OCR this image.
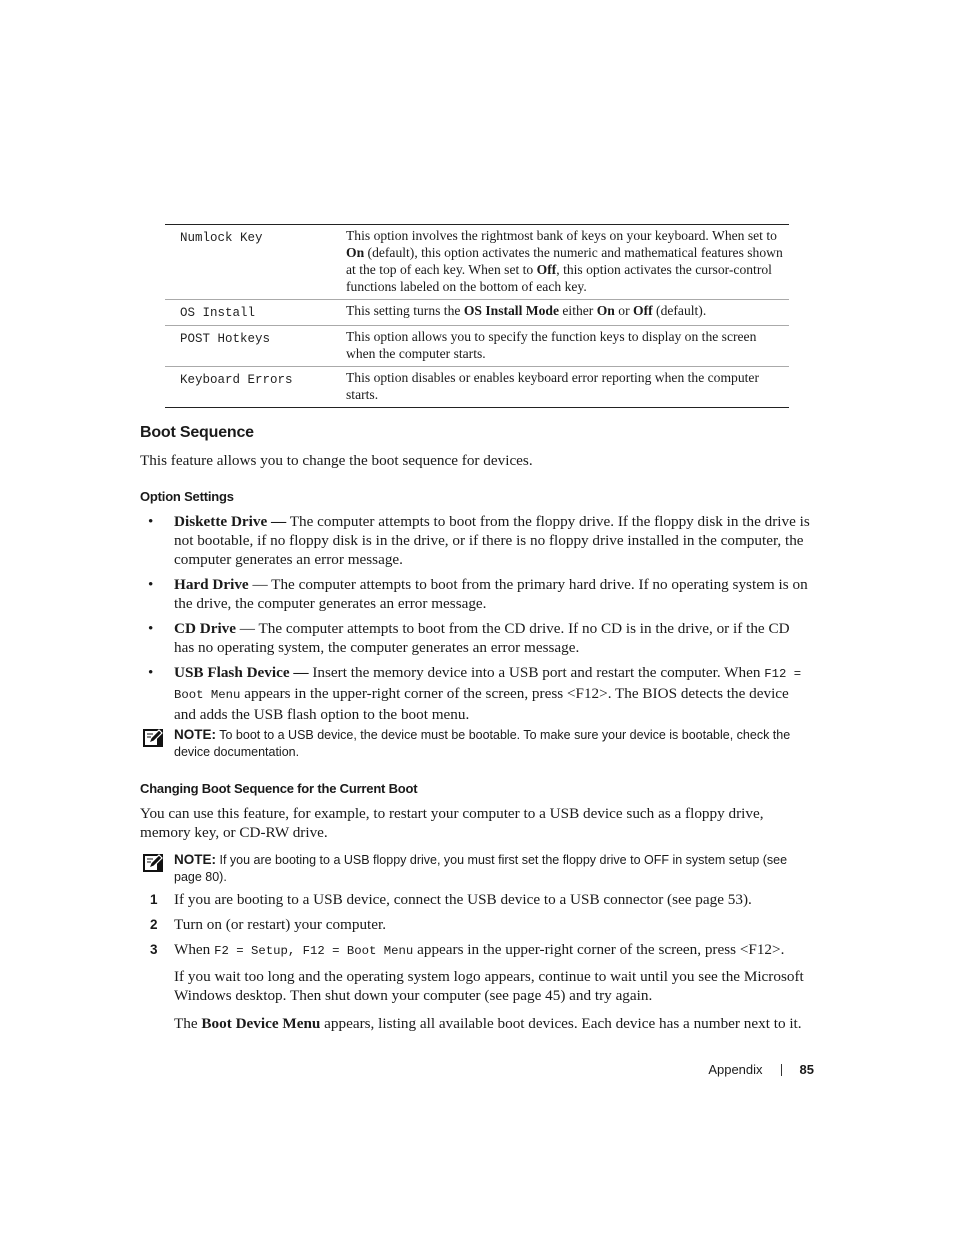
Numlock Key	This option involves the rightmost bank of keys on your keyboard. When set to On (default), this option activates the numeric and mathematical features shown at the top of each key. When set to Off, this option activates the cursor-control functions labeled on the bottom of each key.
OS Install	This setting turns the OS Install Mode either On or Off (default).
POST Hotkeys	This option allows you to specify the function keys to display on the screen when the computer starts.
Keyboard Errors	This option disables or enables keyboard error reporting when the computer starts.
Boot Sequence
This feature allows you to change the boot sequence for devices.
Option Settings
• Diskette Drive — The computer attempts to boot from the floppy drive. If the floppy disk in the drive is not bootable, if no floppy disk is in the drive, or if there is no floppy drive installed in the computer, the computer generates an error message.
• Hard Drive — The computer attempts to boot from the primary hard drive. If no operating system is on the drive, the computer generates an error message.
• CD Drive — The computer attempts to boot from the CD drive. If no CD is in the drive, or if the CD has no operating system, the computer generates an error message.
• USB Flash Device — Insert the memory device into a USB port and restart the computer. When F12 = Boot Menu appears in the upper-right corner of the screen, press <F12>. The BIOS detects the device and adds the USB flash option to the boot menu.
NOTE: To boot to a USB device, the device must be bootable. To make sure your device is bootable, check the device documentation.
Changing Boot Sequence for the Current Boot
You can use this feature, for example, to restart your computer to a USB device such as a floppy drive, memory key, or CD-RW drive.
NOTE: If you are booting to a USB floppy drive, you must first set the floppy drive to OFF in system setup (see page 80).
1 If you are booting to a USB device, connect the USB device to a USB connector (see page 53).
2 Turn on (or restart) your computer.
3 When F2 = Setup, F12 = Boot Menu appears in the upper-right corner of the screen, press <F12>.
If you wait too long and the operating system logo appears, continue to wait until you see the Microsoft Windows desktop. Then shut down your computer (see page 45) and try again.
The Boot Device Menu appears, listing all available boot devices. Each device has a number next to it.
Appendix	85
